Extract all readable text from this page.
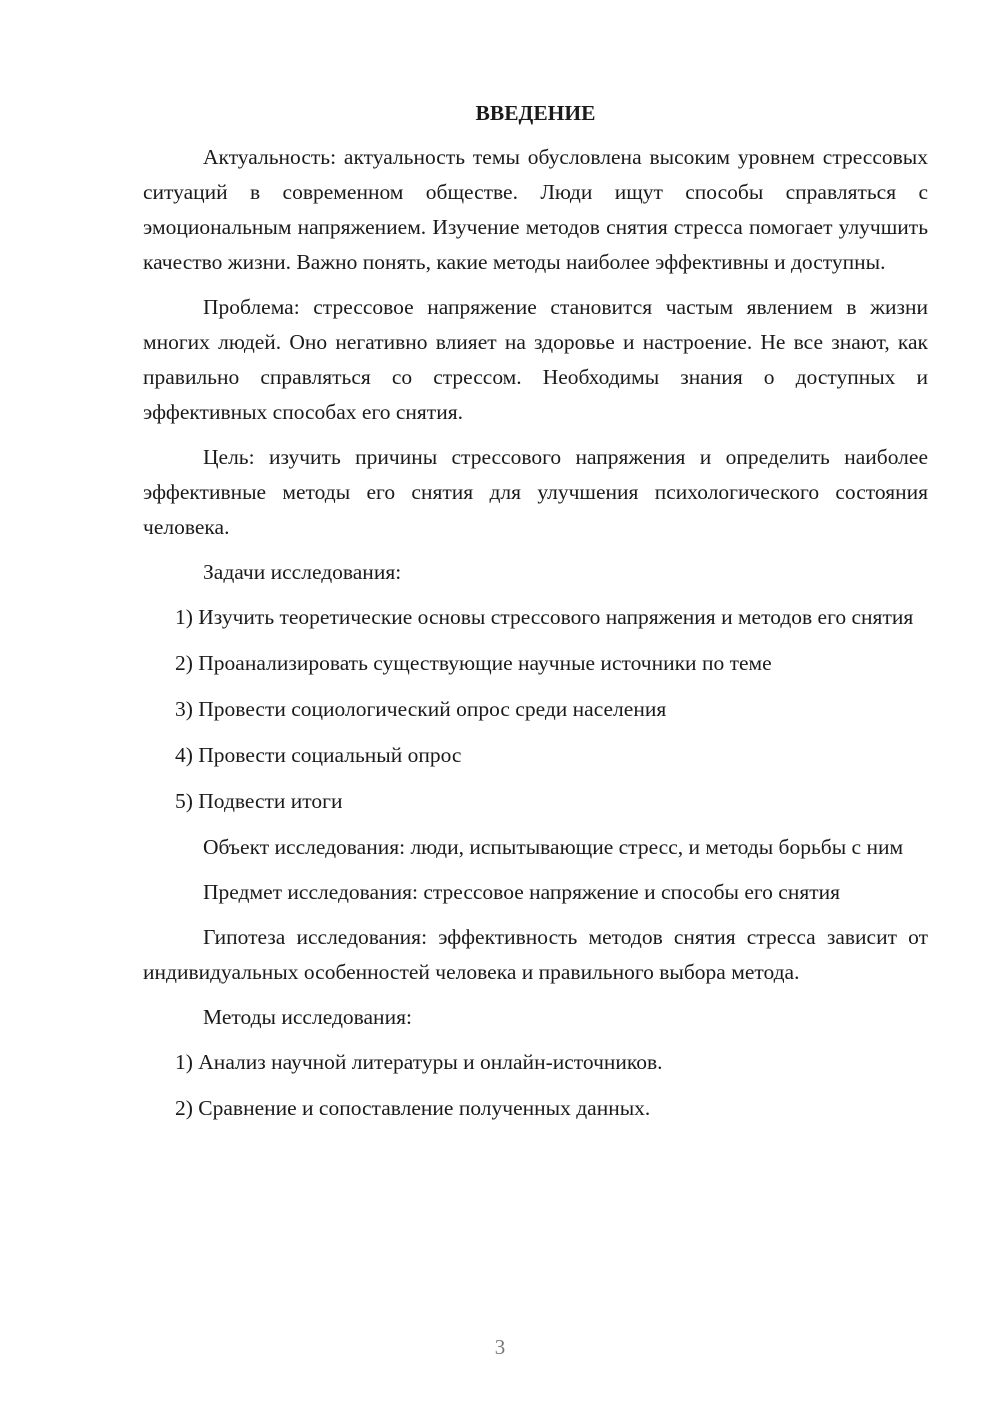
ВВЕДЕНИЕ

Актуальность: актуальность темы обусловлена высоким уровнем стрессовых ситуаций в современном обществе. Люди ищут способы справляться с эмоциональным напряжением. Изучение методов снятия стресса помогает улучшить качество жизни. Важно понять, какие методы наиболее эффективны и доступны.

Проблема: стрессовое напряжение становится частым явлением в жизни многих людей. Оно негативно влияет на здоровье и настроение. Не все знают, как правильно справляться со стрессом. Необходимы знания о доступных и эффективных способах его снятия.

Цель: изучить причины стрессового напряжения и определить наиболее эффективные методы его снятия для улучшения психологического состояния человека.

Задачи исследования:

1) Изучить теоретические основы стрессового напряжения и методов его снятия

2) Проанализировать существующие научные источники по теме

3) Провести социологический опрос среди населения

4) Провести социальный опрос

5) Подвести итоги

Объект исследования: люди, испытывающие стресс, и методы борьбы с ним

Предмет исследования: стрессовое напряжение и способы его снятия

Гипотеза исследования: эффективность методов снятия стресса зависит от индивидуальных особенностей человека и правильного выбора метода.

Методы исследования:

1) Анализ научной литературы и онлайн-источников.

2) Сравнение и сопоставление полученных данных.

3
